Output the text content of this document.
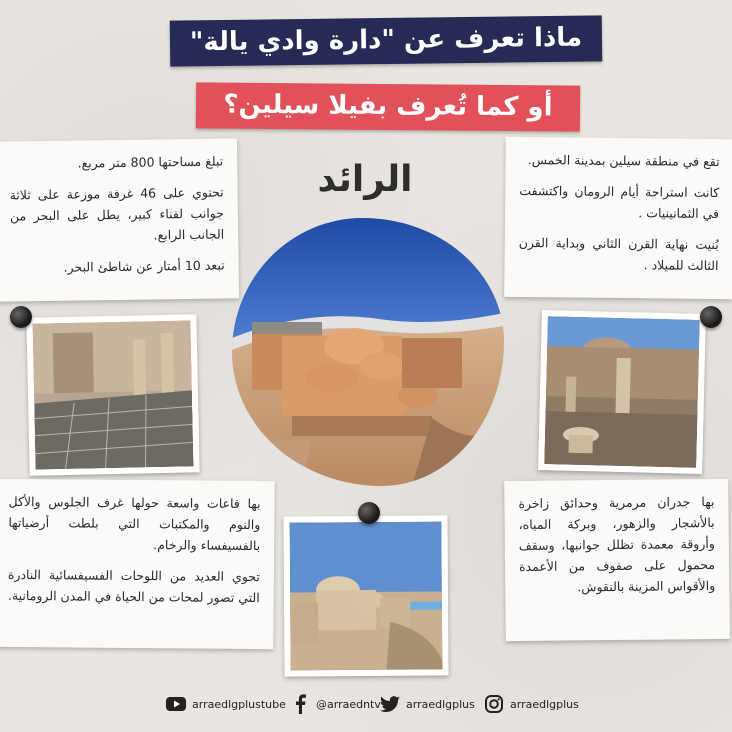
ماذا تعرف عن "دارة وادي يالة"
أو كما تُعرف بفيلا سيلين؟

تبلغ مساحتها 800 متر مربع.

تحتوي على 46 غرفة موزعة على ثلاثة جوانب لفناء كبير، يطل على البحر من الجانب الرابع.

تبعد 10 أمتار عن شاطئ البحر.

تقع في منطقة سيلين بمدينة الخمس.

كانت استراحة أيام الرومان واكتشفت في الثمانينيات .

بُنيت نهاية القرن الثاني وبداية القرن الثالث للميلاد .

الرائد

بها قاعات واسعة حولها غرف الجلوس والأكل والنوم والمكتبات التي بلطت أرضياتها بالفسيفساء والرخام.

تحوي العديد من اللوحات الفسيفسائية النادرة التي تصور لمحات من الحياة في المدن الرومانية.

بها جدران مرمرية وحدائق زاخرة بالأشجار والزهور، وبركة المياه، وأروقة معمدة تظلل جوانبها، وسقف محمول على صفوف من الأعمدة والأقواس المزينة بالنقوش.

arraedlgplustube	@arraedntv arraedlgplus	arraedlgplus
